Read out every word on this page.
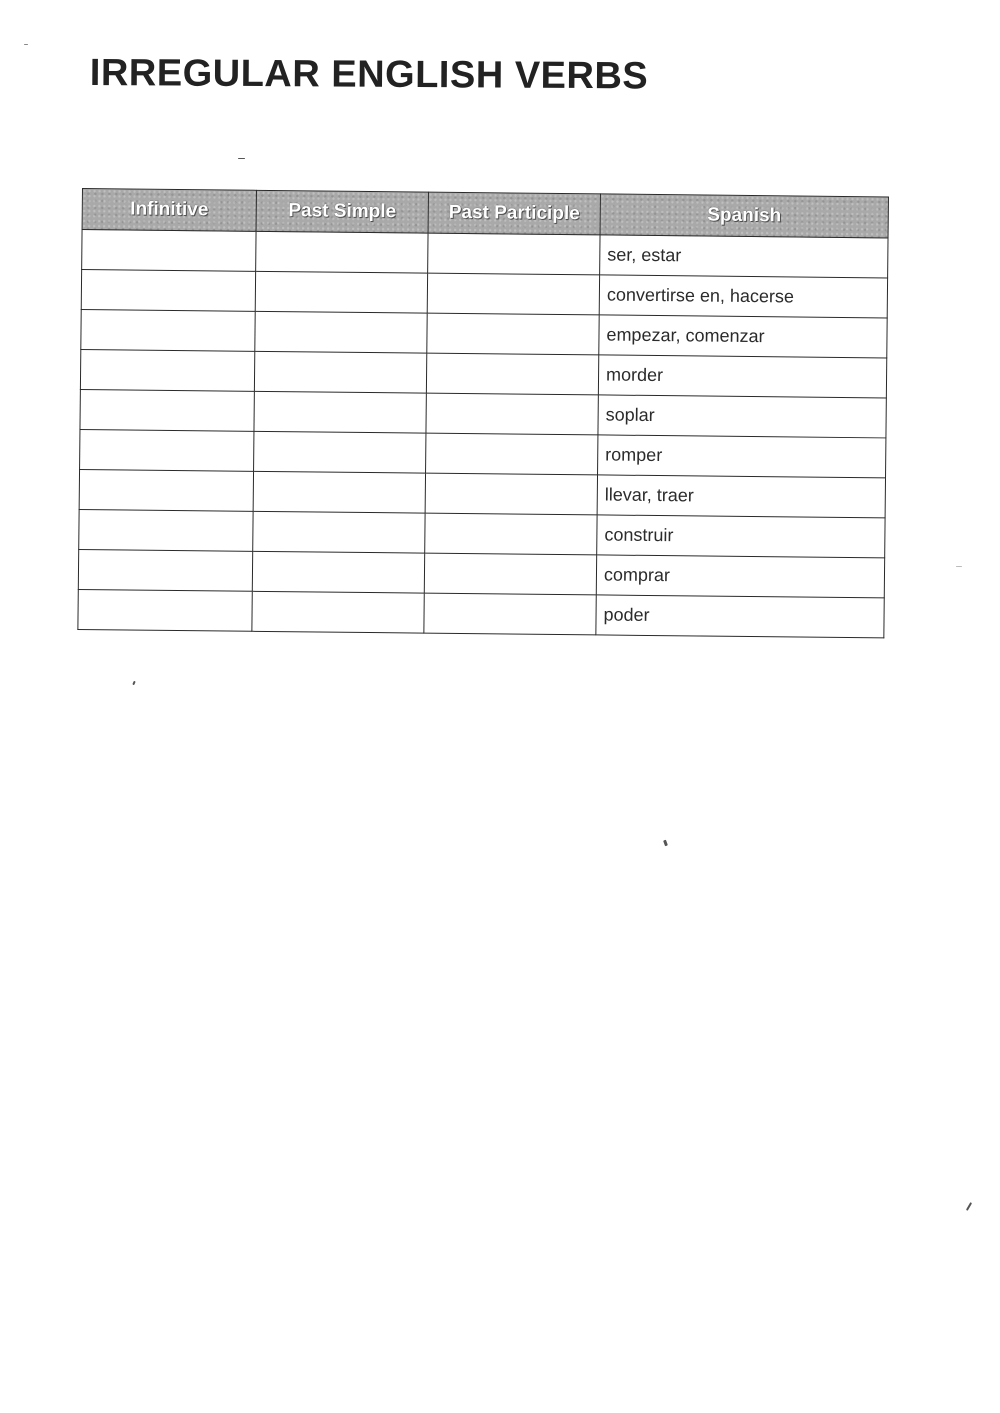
IRREGULAR ENGLISH VERBS
Infinitive	Past Simple	Past Participle	Spanish
			ser, estar
			convertirse en, hacerse
			empezar, comenzar
			morder
			soplar
			romper
			llevar, traer
			construir
			comprar
			poder
